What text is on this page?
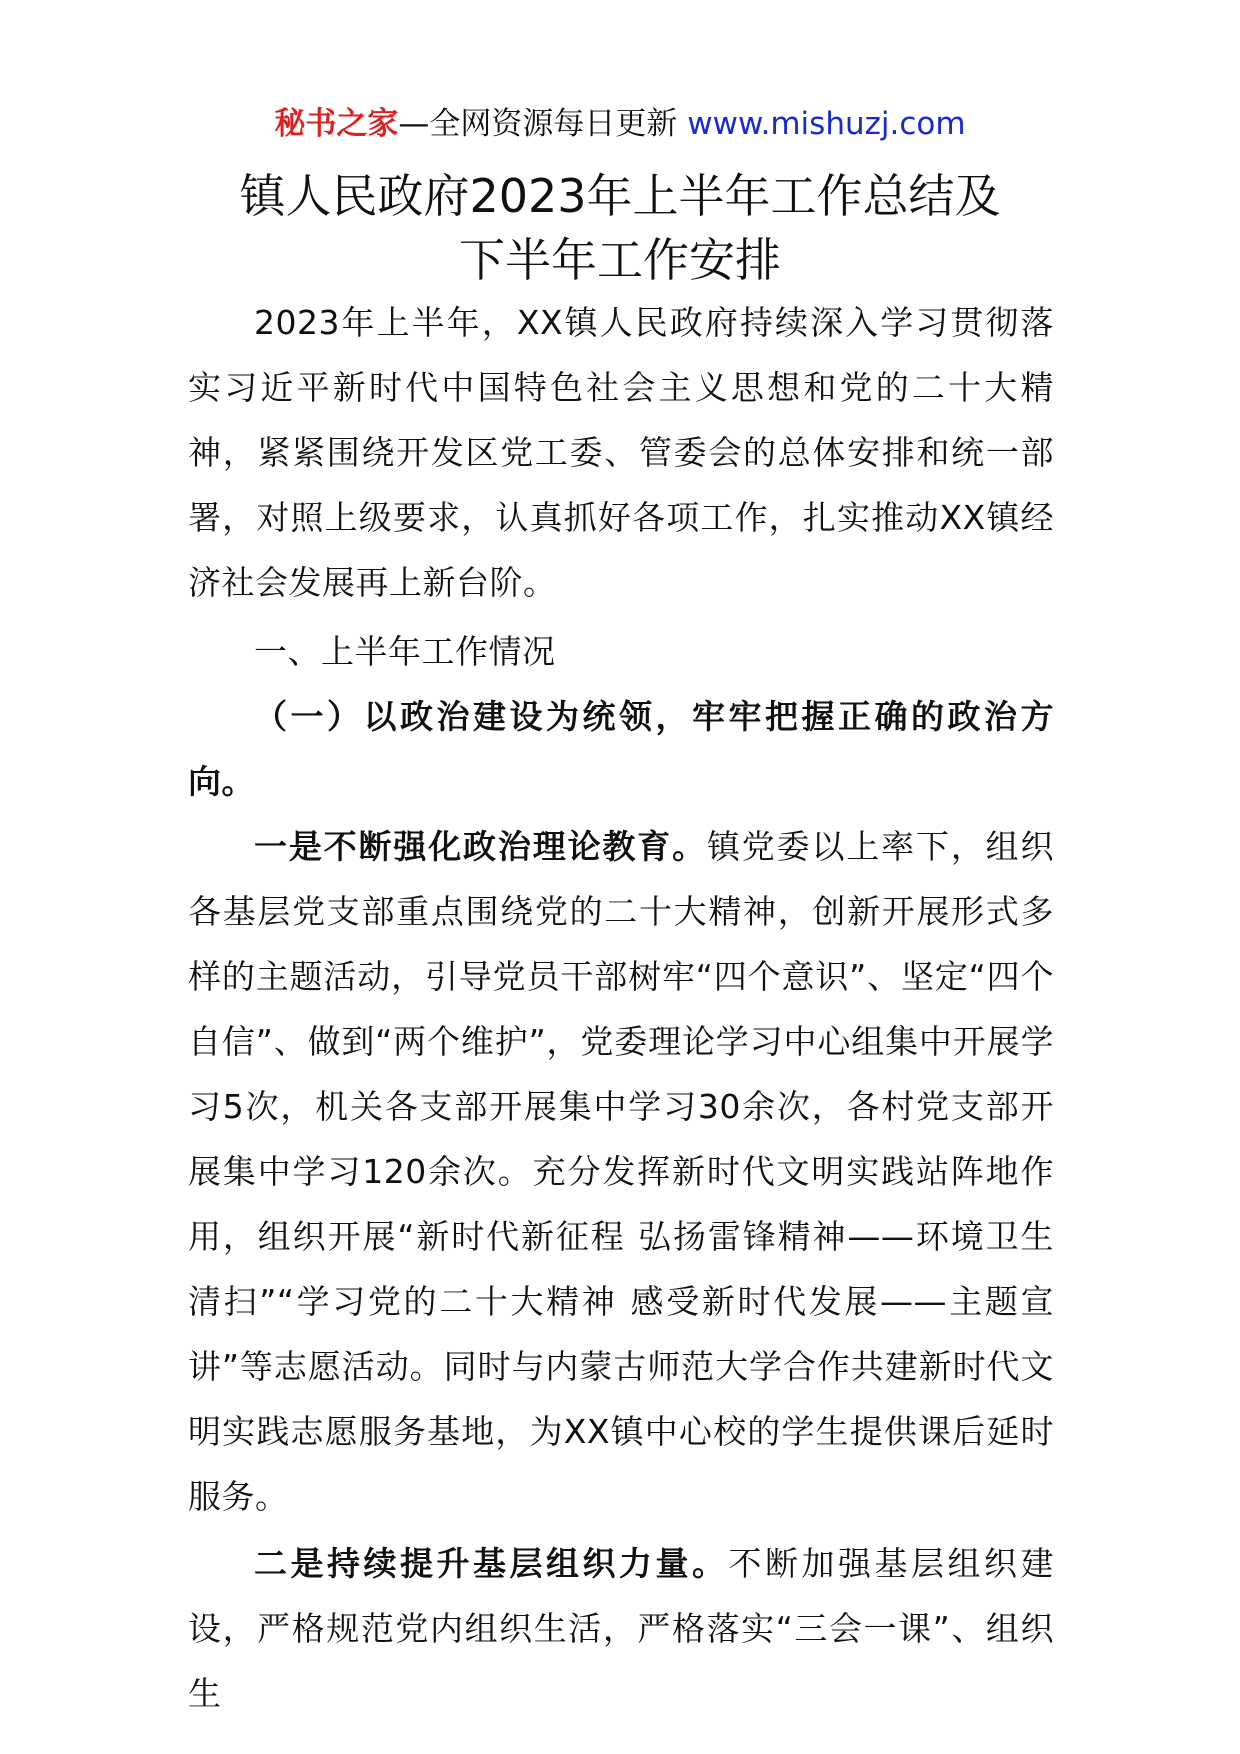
秘书之家—全网资源每日更新 www.mishuzj.com
镇人民政府2023年上半年工作总结及
下半年工作安排

2023年上半年，XX镇人民政府持续深入学习贯彻落实习近平新时代中国特色社会主义思想和党的二十大精神，紧紧围绕开发区党工委、管委会的总体安排和统一部署，对照上级要求，认真抓好各项工作，扎实推动XX镇经济社会发展再上新台阶。

一、上半年工作情况

（一）以政治建设为统领，牢牢把握正确的政治方向。

一是不断强化政治理论教育。镇党委以上率下，组织各基层党支部重点围绕党的二十大精神，创新开展形式多样的主题活动，引导党员干部树牢“四个意识”、坚定“四个自信”、做到“两个维护”，党委理论学习中心组集中开展学习5次，机关各支部开展集中学习30余次，各村党支部开展集中学习120余次。充分发挥新时代文明实践站阵地作用，组织开展“新时代新征程 弘扬雷锋精神——环境卫生清扫”“学习党的二十大精神 感受新时代发展——主题宣讲”等志愿活动。同时与内蒙古师范大学合作共建新时代文明实践志愿服务基地，为XX镇中心校的学生提供课后延时服务。

二是持续提升基层组织力量。不断加强基层组织建设，严格规范党内组织生活，严格落实“三会一课”、组织生
